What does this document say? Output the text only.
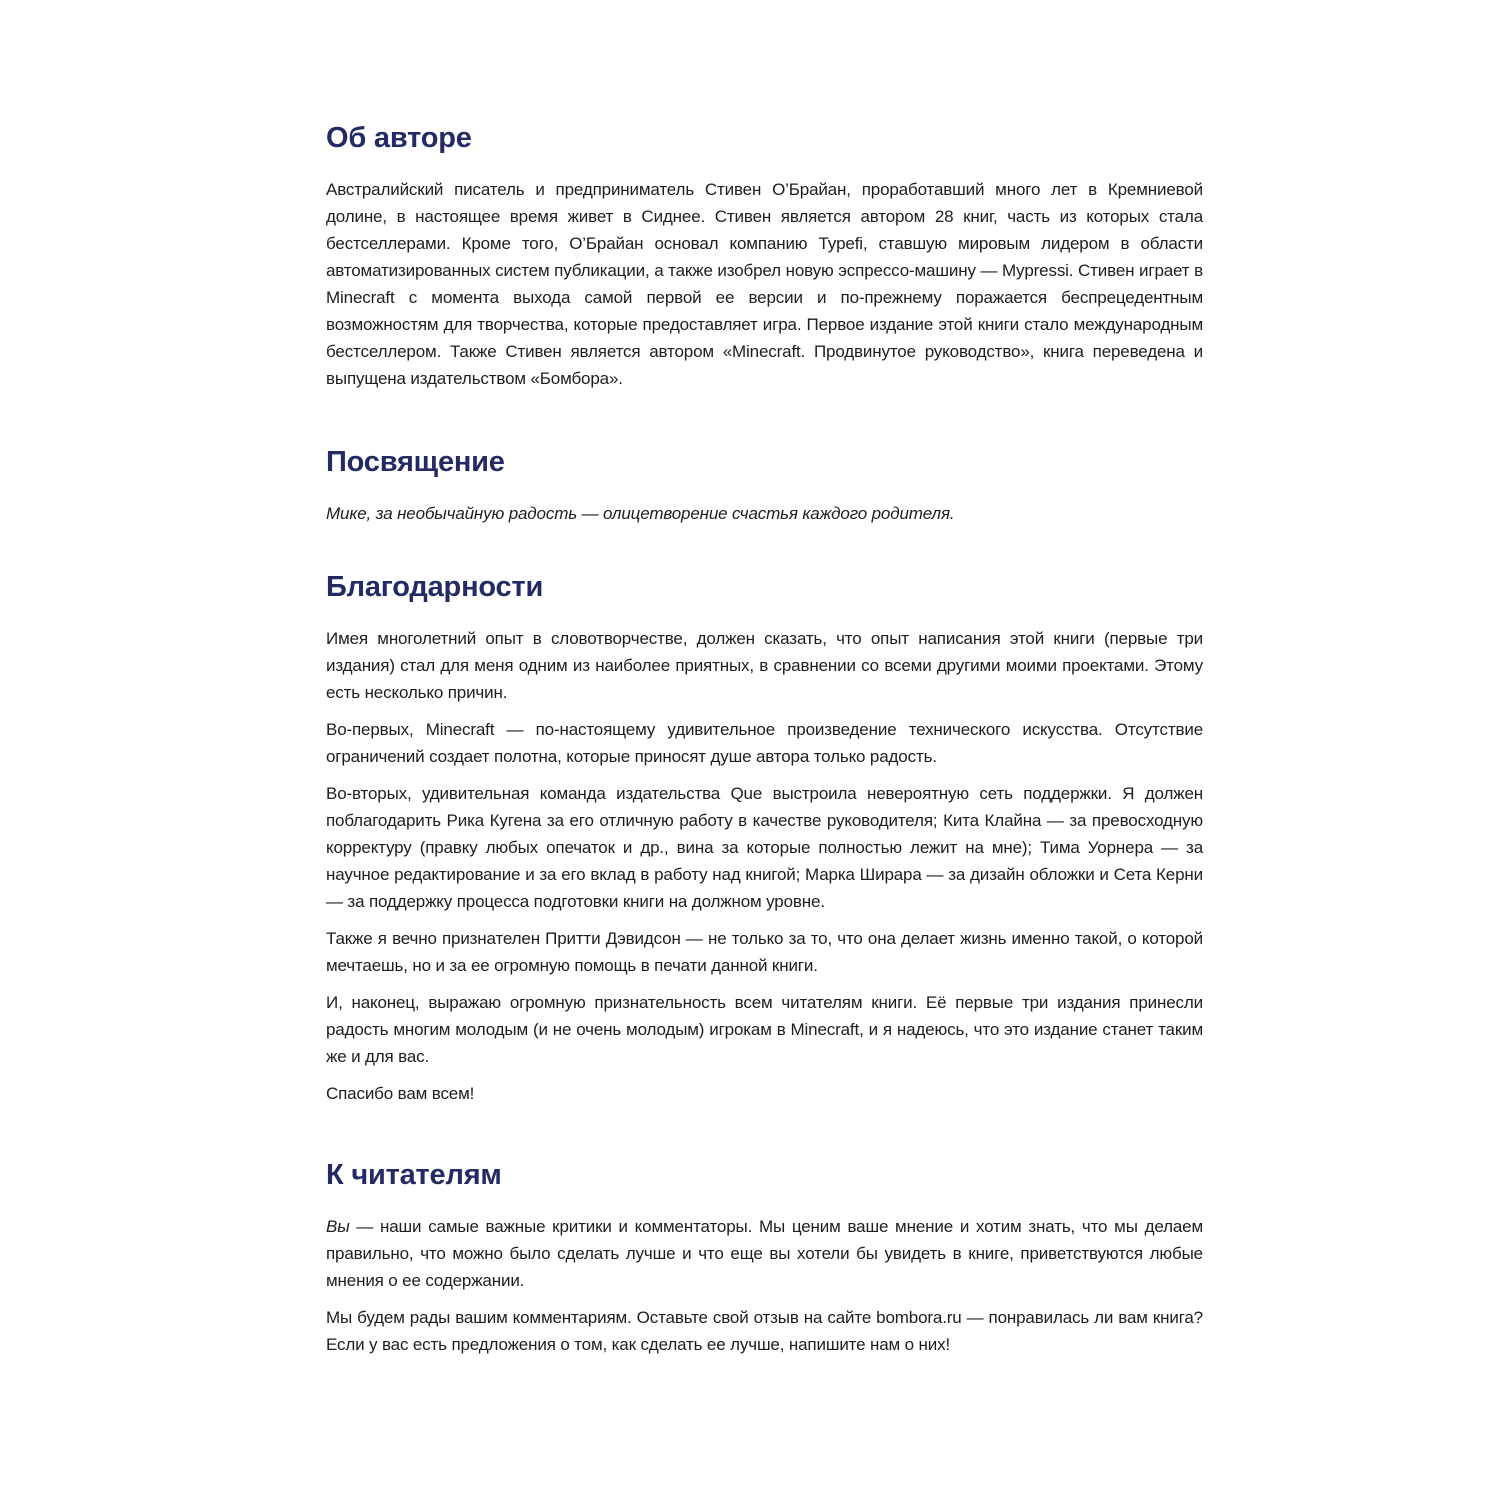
Об авторе

Австралийский писатель и предприниматель Стивен О’Брайан, проработавший много лет в Кремниевой долине, в настоящее время живет в Сиднее. Стивен является автором 28 книг, часть из которых стала бестселлерами. Кроме того, О’Брайан основал компанию Typefi, ставшую мировым лидером в области автоматизированных систем публикации, а также изобрел новую эспрессо-машину — Mypressi. Стивен играет в Minecraft с момента выхода самой первой ее версии и по-прежнему поражается беспрецедентным возможностям для творчества, которые предоставляет игра. Первое издание этой книги стало международным бестселлером. Также Стивен является автором «Minecraft. Продвинутое руководство», книга переведена и выпущена издательством «Бомбора».

Посвящение

Мике, за необычайную радость — олицетворение счастья каждого родителя.

Благодарности

Имея многолетний опыт в словотворчестве, должен сказать, что опыт написания этой книги (первые три издания) стал для меня одним из наиболее приятных, в сравнении со всеми другими моими проектами. Этому есть несколько причин.

Во-первых, Minecraft — по-настоящему удивительное произведение технического искусства. Отсутствие ограничений создает полотна, которые приносят душе автора только радость.

Во-вторых, удивительная команда издательства Que выстроила невероятную сеть поддержки. Я должен поблагодарить Рика Кугена за его отличную работу в качестве руководителя; Кита Клайна — за превосходную корректуру (правку любых опечаток и др., вина за которые полностью лежит на мне); Тима Уорнера — за научное редактирование и за его вклад в работу над книгой; Марка Ширара — за дизайн обложки и Сета Керни — за поддержку процесса подготовки книги на должном уровне.

Также я вечно признателен Притти Дэвидсон — не только за то, что она делает жизнь именно такой, о которой мечтаешь, но и за ее огромную помощь в печати данной книги.

И, наконец, выражаю огромную признательность всем читателям книги. Её первые три издания принесли радость многим молодым (и не очень молодым) игрокам в Minecraft, и я надеюсь, что это издание станет таким же и для вас.

Спасибо вам всем!

К читателям

Вы — наши самые важные критики и комментаторы. Мы ценим ваше мнение и хотим знать, что мы делаем правильно, что можно было сделать лучше и что еще вы хотели бы увидеть в книге, приветствуются любые мнения о ее содержании.

Мы будем рады вашим комментариям. Оставьте свой отзыв на сайте bombora.ru — понравилась ли вам книга? Если у вас есть предложения о том, как сделать ее лучше, напишите нам о них!
